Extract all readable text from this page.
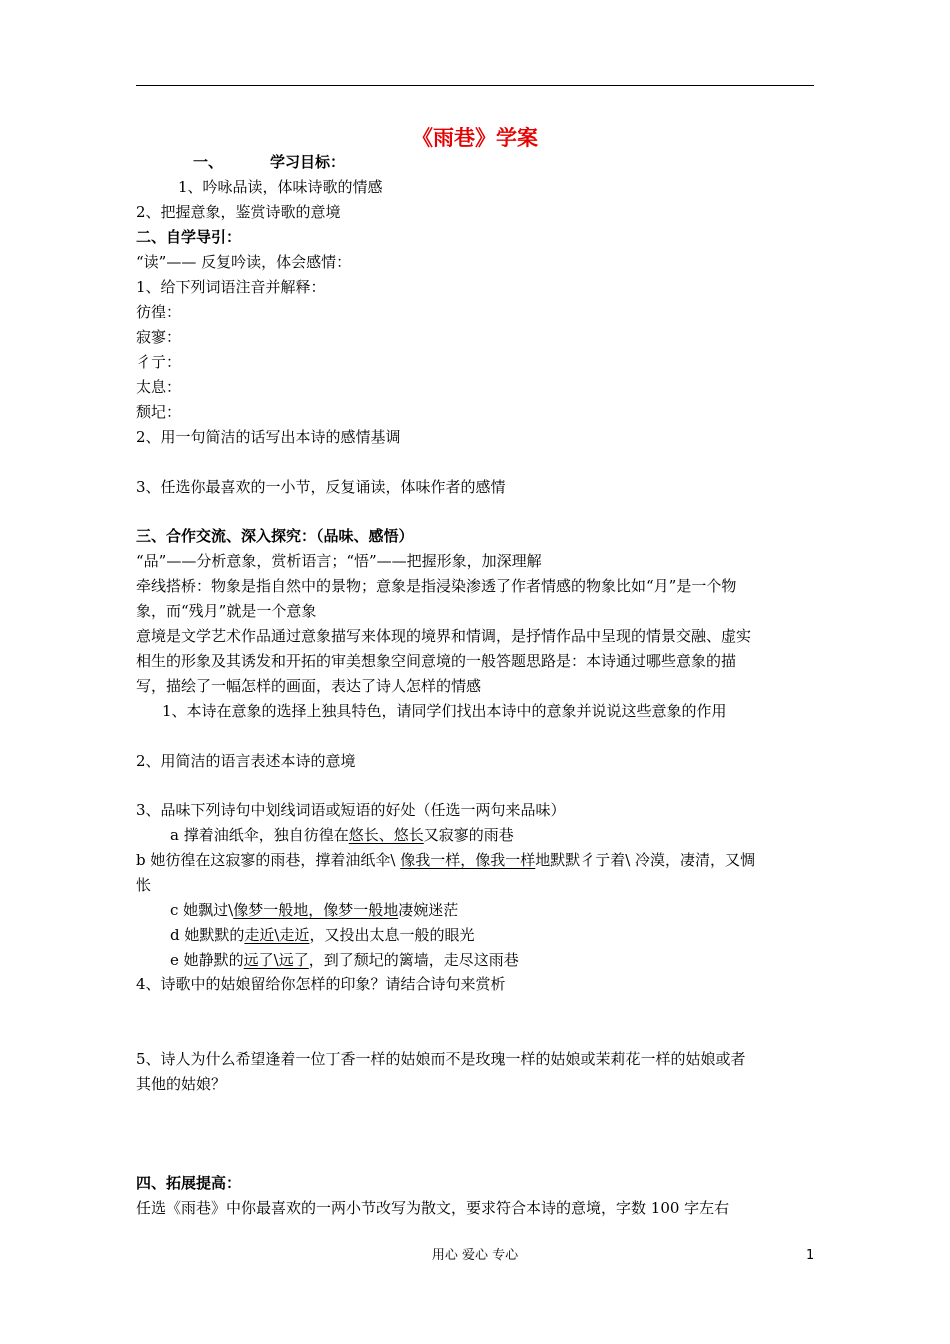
《雨巷》学案
一、	学习目标：
1、吟咏品读，体味诗歌的情感
2、把握意象，鉴赏诗歌的意境
二、自学导引：
“读”—— 反复吟读，体会感情：
1、给下列词语注音并解释：
彷徨：
寂寥：
彳亍：
太息：
颓圮：
2、用一句简洁的话写出本诗的感情基调
3、任选你最喜欢的一小节，反复诵读，体味作者的感情
三、合作交流、深入探究：（品味、感悟）
“品”——分析意象，赏析语言；“悟”——把握形象，加深理解
牵线搭桥：物象是指自然中的景物；意象是指浸染渗透了作者情感的物象比如“月”是一个物
象，而“残月”就是一个意象
意境是文学艺术作品通过意象描写来体现的境界和情调，是抒情作品中呈现的情景交融、虚实
相生的形象及其诱发和开拓的审美想象空间意境的一般答题思路是：本诗通过哪些意象的描
写，描绘了一幅怎样的画面，表达了诗人怎样的情感
1、本诗在意象的选择上独具特色，请同学们找出本诗中的意象并说说这些意象的作用
2、用简洁的语言表述本诗的意境
3、品味下列诗句中划线词语或短语的好处（任选一两句来品味）
a 撑着油纸伞，独自彷徨在悠长、悠长又寂寥的雨巷
b 她彷徨在这寂寥的雨巷，撑着油纸伞\ 像我一样，像我一样地默默彳亍着\ 冷漠，凄清，又惆
怅
c 她飘过\像梦一般地，像梦一般地凄婉迷茫
d 她默默的走近\走近，又投出太息一般的眼光
e 她静默的远了\远了，到了颓圮的篱墙，走尽这雨巷
4、诗歌中的姑娘留给你怎样的印象？请结合诗句来赏析
5、诗人为什么希望逢着一位丁香一样的姑娘而不是玫瑰一样的姑娘或茉莉花一样的姑娘或者
其他的姑娘？
四、拓展提高：
任选《雨巷》中你最喜欢的一两小节改写为散文，要求符合本诗的意境，字数 100 字左右
用心 爱心 专心	1
